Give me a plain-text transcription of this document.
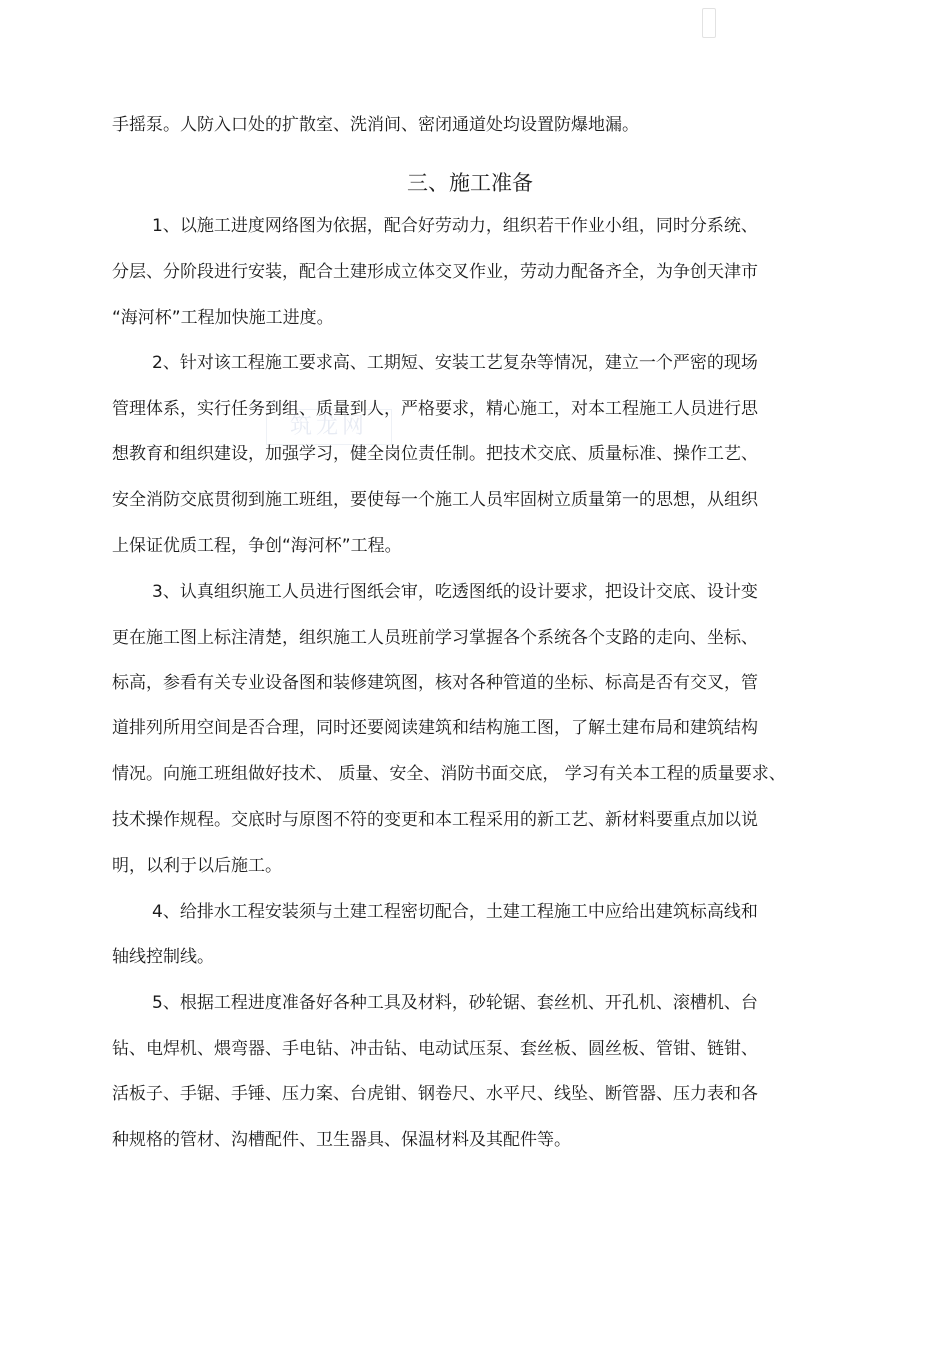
手摇泵。人防入口处的扩散室、洗消间、密闭通道处均设置防爆地漏。
三、施工准备
筑龙网
1、以施工进度网络图为依据，配合好劳动力，组织若干作业小组，同时分系统、
分层、分阶段进行安装，配合土建形成立体交叉作业，劳动力配备齐全，为争创天津市
“海河杯”工程加快施工进度。
2、针对该工程施工要求高、工期短、安装工艺复杂等情况，建立一个严密的现场
管理体系，实行任务到组、质量到人，严格要求，精心施工，对本工程施工人员进行思
想教育和组织建设，加强学习，健全岗位责任制。把技术交底、质量标准、操作工艺、
安全消防交底贯彻到施工班组，要使每一个施工人员牢固树立质量第一的思想，从组织
上保证优质工程，争创“海河杯”工程。
3、认真组织施工人员进行图纸会审，吃透图纸的设计要求，把设计交底、设计变
更在施工图上标注清楚，组织施工人员班前学习掌握各个系统各个支路的走向、坐标、
标高，参看有关专业设备图和装修建筑图，核对各种管道的坐标、标高是否有交叉，管
道排列所用空间是否合理，同时还要阅读建筑和结构施工图，了解土建布局和建筑结构
情况。向施工班组做好技术、 质量、安全、消防书面交底， 学习有关本工程的质量要求、
技术操作规程。交底时与原图不符的变更和本工程采用的新工艺、新材料要重点加以说
明，以利于以后施工。
4、给排水工程安装须与土建工程密切配合，土建工程施工中应给出建筑标高线和
轴线控制线。
5、根据工程进度准备好各种工具及材料，砂轮锯、套丝机、开孔机、滚槽机、台
钻、电焊机、煨弯器、手电钻、冲击钻、电动试压泵、套丝板、圆丝板、管钳、链钳、
活板子、手锯、手锤、压力案、台虎钳、钢卷尺、水平尺、线坠、断管器、压力表和各
种规格的管材、沟槽配件、卫生器具、保温材料及其配件等。
